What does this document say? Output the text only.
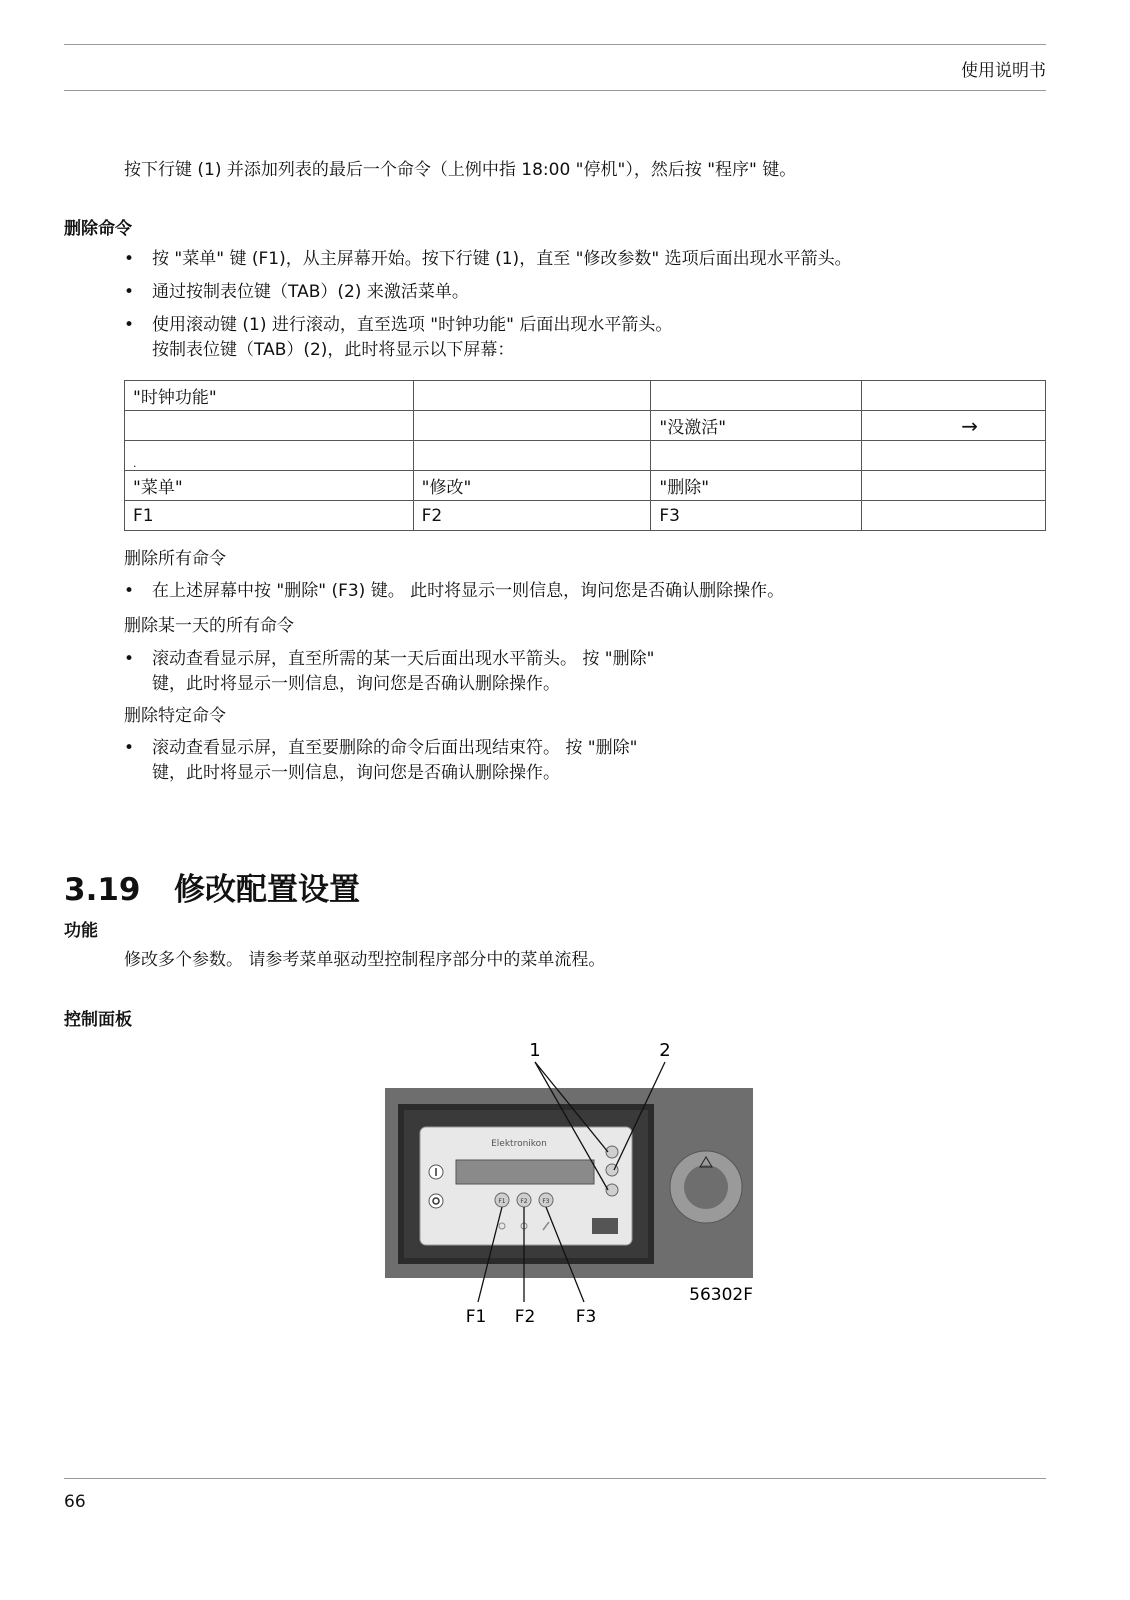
使用说明书
按下行键 (1) 并添加列表的最后一个命令（上例中指 18:00 "停机"），然后按 "程序" 键。
删除命令
• 按 "菜单" 键 (F1)，从主屏幕开始。按下行键 (1)，直至 "修改参数" 选项后面出现水平箭头。
• 通过按制表位键（TAB）(2) 来激活菜单。
• 使用滚动键 (1) 进行滚动，直至选项 "时钟功能" 后面出现水平箭头。
按制表位键（TAB）(2)，此时将显示以下屏幕：
"时钟功能"			
		"没激活"	→
.			
"菜单"	"修改"	"删除"	
F1	F2	F3	
删除所有命令
• 在上述屏幕中按 "删除" (F3) 键。 此时将显示一则信息，询问您是否确认删除操作。
删除某一天的所有命令
• 滚动查看显示屏，直至所需的某一天后面出现水平箭头。 按 "删除"
键，此时将显示一则信息，询问您是否确认删除操作。
删除特定命令
• 滚动查看显示屏，直至要删除的命令后面出现结束符。 按 "删除"
键，此时将显示一则信息，询问您是否确认删除操作。
3.19 修改配置设置
功能
修改多个参数。 请参考菜单驱动型控制程序部分中的菜单流程。
控制面板
Elektronikon
F1 F2 F3
1	2
F1 F2 F3
56302F
66
